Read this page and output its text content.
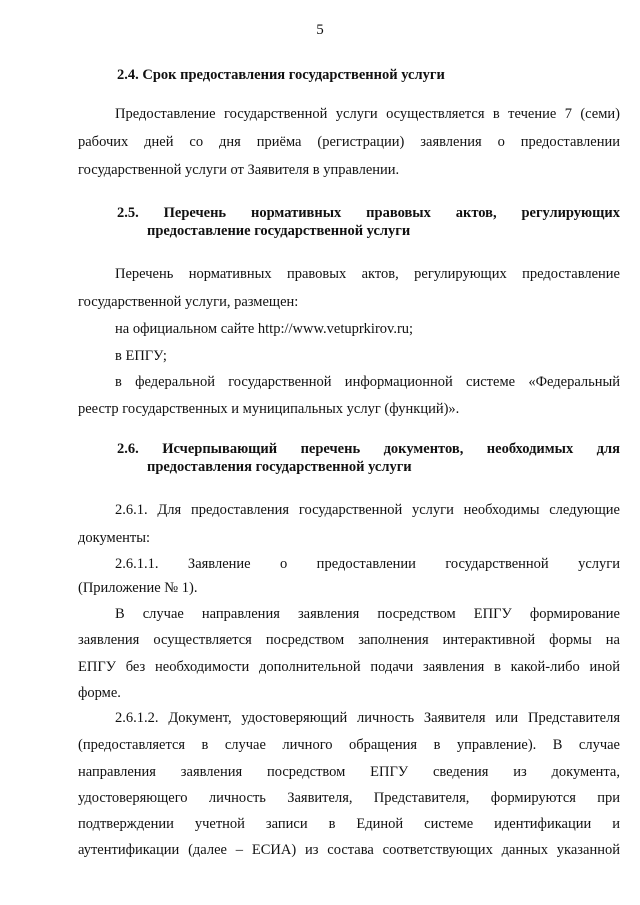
5
2.4. Срок предоставления государственной услуги
Предоставление государственной услуги осуществляется в течение 7 (семи)
рабочих дней со дня приёма (регистрации) заявления о предоставлении
государственной услуги от Заявителя в управлении.
2.5. Перечень нормативных правовых актов, регулирующих
предоставление государственной услуги
Перечень нормативных правовых актов, регулирующих предоставление
государственной услуги, размещен:
на официальном сайте http://www.vetuprkirov.ru;
в ЕПГУ;
в федеральной государственной информационной системе «Федеральный
реестр государственных и муниципальных услуг (функций)».
2.6. Исчерпывающий перечень документов, необходимых для
предоставления государственной услуги
2.6.1. Для предоставления государственной услуги необходимы следующие
документы:
2.6.1.1. Заявление о предоставлении государственной услуги
(Приложение № 1).
В случае направления заявления посредством ЕПГУ формирование
заявления осуществляется посредством заполнения интерактивной формы на
ЕПГУ без необходимости дополнительной подачи заявления в какой-либо иной
форме.
2.6.1.2. Документ, удостоверяющий личность Заявителя или Представителя
(предоставляется в случае личного обращения в управление). В случае
направления заявления посредством ЕПГУ сведения из документа,
удостоверяющего личность Заявителя, Представителя, формируются при
подтверждении учетной записи в Единой системе идентификации и
аутентификации (далее – ЕСИА) из состава соответствующих данных указанной
